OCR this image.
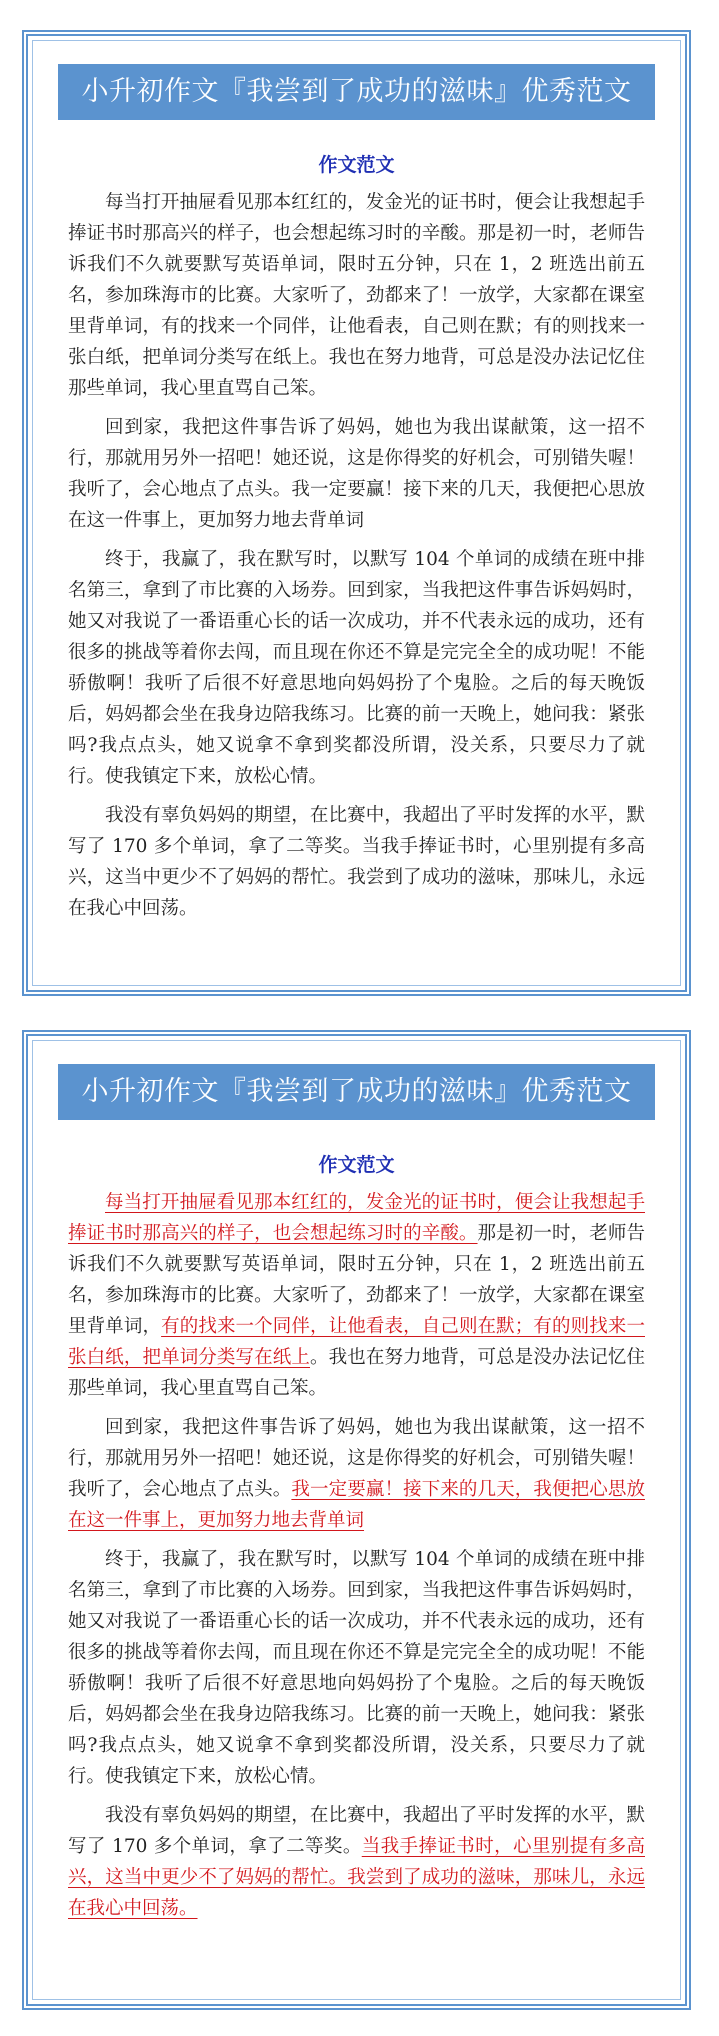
小升初作文『我尝到了成功的滋味』优秀范文
作文范文

每当打开抽屉看见那本红红的，发金光的证书时，便会让我想起手捧证书时那高兴的样子，也会想起练习时的辛酸。那是初一时，老师告诉我们不久就要默写英语单词，限时五分钟，只在 1，2 班选出前五名，参加珠海市的比赛。大家听了，劲都来了！一放学，大家都在课室里背单词，有的找来一个同伴，让他看表，自己则在默；有的则找来一张白纸，把单词分类写在纸上。我也在努力地背，可总是没办法记忆住那些单词，我心里直骂自己笨。

回到家，我把这件事告诉了妈妈，她也为我出谋献策，这一招不行，那就用另外一招吧！她还说，这是你得奖的好机会，可别错失喔！我听了，会心地点了点头。我一定要赢！接下来的几天，我便把心思放在这一件事上，更加努力地去背单词

终于，我赢了，我在默写时，以默写 104 个单词的成绩在班中排名第三，拿到了市比赛的入场券。回到家，当我把这件事告诉妈妈时，她又对我说了一番语重心长的话一次成功，并不代表永远的成功，还有很多的挑战等着你去闯，而且现在你还不算是完完全全的成功呢！不能骄傲啊！我听了后很不好意思地向妈妈扮了个鬼脸。之后的每天晚饭后，妈妈都会坐在我身边陪我练习。比赛的前一天晚上，她问我：紧张吗?我点点头，她又说拿不拿到奖都没所谓，没关系，只要尽力了就行。使我镇定下来，放松心情。

我没有辜负妈妈的期望，在比赛中，我超出了平时发挥的水平，默写了 170 多个单词，拿了二等奖。当我手捧证书时，心里别提有多高兴，这当中更少不了妈妈的帮忙。我尝到了成功的滋味，那味儿，永远在我心中回荡。

小升初作文『我尝到了成功的滋味』优秀范文
作文范文

每当打开抽屉看见那本红红的，发金光的证书时，便会让我想起手捧证书时那高兴的样子，也会想起练习时的辛酸。那是初一时，老师告诉我们不久就要默写英语单词，限时五分钟，只在 1，2 班选出前五名，参加珠海市的比赛。大家听了，劲都来了！一放学，大家都在课室里背单词，有的找来一个同伴，让他看表，自己则在默；有的则找来一张白纸，把单词分类写在纸上。我也在努力地背，可总是没办法记忆住那些单词，我心里直骂自己笨。

回到家，我把这件事告诉了妈妈，她也为我出谋献策，这一招不行，那就用另外一招吧！她还说，这是你得奖的好机会，可别错失喔！我听了，会心地点了点头。我一定要赢！接下来的几天，我便把心思放在这一件事上，更加努力地去背单词

终于，我赢了，我在默写时，以默写 104 个单词的成绩在班中排名第三，拿到了市比赛的入场券。回到家，当我把这件事告诉妈妈时，她又对我说了一番语重心长的话一次成功，并不代表永远的成功，还有很多的挑战等着你去闯，而且现在你还不算是完完全全的成功呢！不能骄傲啊！我听了后很不好意思地向妈妈扮了个鬼脸。之后的每天晚饭后，妈妈都会坐在我身边陪我练习。比赛的前一天晚上，她问我：紧张吗?我点点头，她又说拿不拿到奖都没所谓，没关系，只要尽力了就行。使我镇定下来，放松心情。

我没有辜负妈妈的期望，在比赛中，我超出了平时发挥的水平，默写了 170 多个单词，拿了二等奖。当我手捧证书时，心里别提有多高兴，这当中更少不了妈妈的帮忙。我尝到了成功的滋味，那味儿，永远在我心中回荡。
